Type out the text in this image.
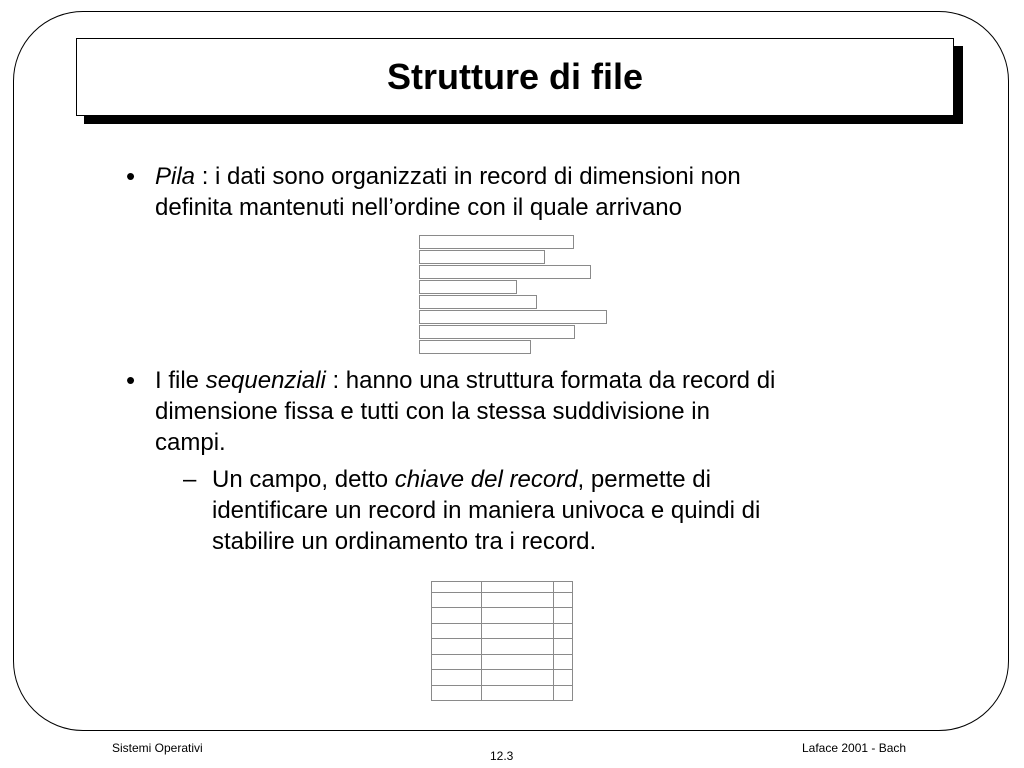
Strutture di file
• Pila : i dati sono organizzati in record di dimensioni non
definita mantenuti nell’ordine con il quale arrivano
• I file sequenziali : hanno una struttura formata da record di
dimensione fissa e tutti con la stessa suddivisione in
campi.
– Un campo, detto chiave del record, permette di
identificare un record in maniera univoca e quindi di
stabilire un ordinamento tra i record.
Sistemi Operativi
12.3
Laface 2001 - Bach
